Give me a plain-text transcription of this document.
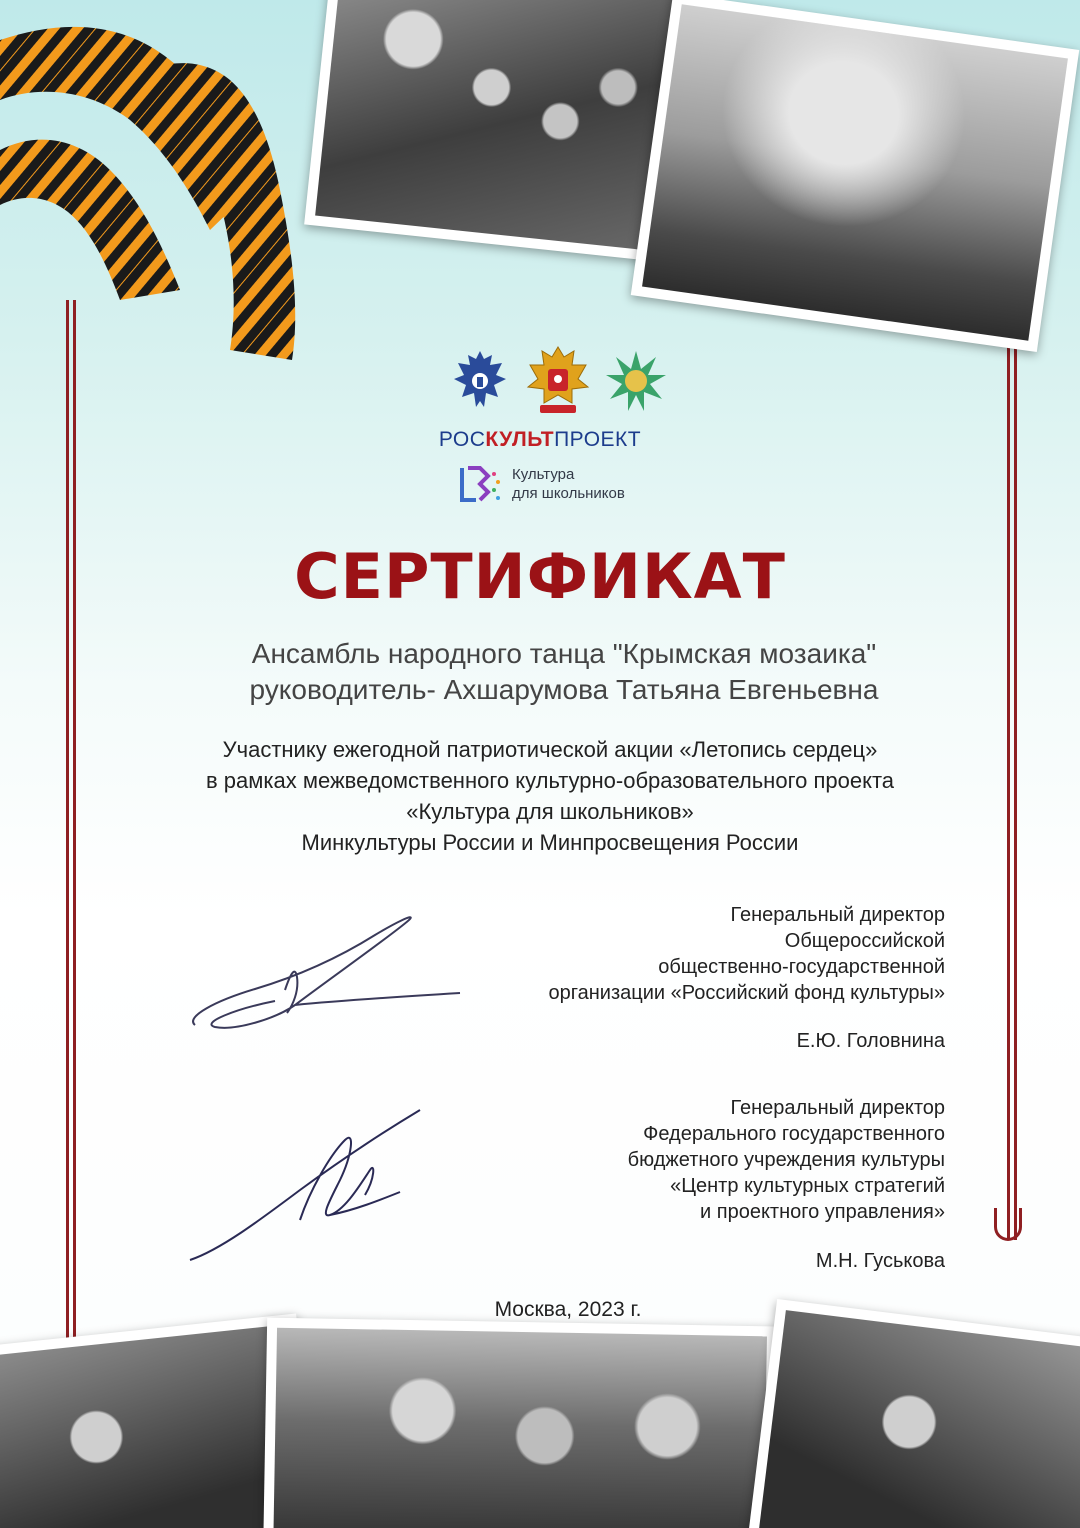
РОСКУЛЬТПРОЕКТ
Культура
для школьников
СЕРТИФИКАТ
Ансамбль народного танца "Крымская мозаика"
руководитель- Ахшарумова Татьяна Евгеньевна
Участнику ежегодной патриотической акции «Летопись сердец»
в рамках межведомственного культурно-образовательного проекта
«Культура для школьников»
Минкультуры России и Минпросвещения России
Генеральный директор
Общероссийской
общественно-государственной
организации «Российский фонд культуры»
Е.Ю. Головнина
Генеральный директор
Федерального государственного
бюджетного учреждения культуры
«Центр культурных стратегий
и проектного управления»
М.Н. Гуськова
Москва, 2023 г.
